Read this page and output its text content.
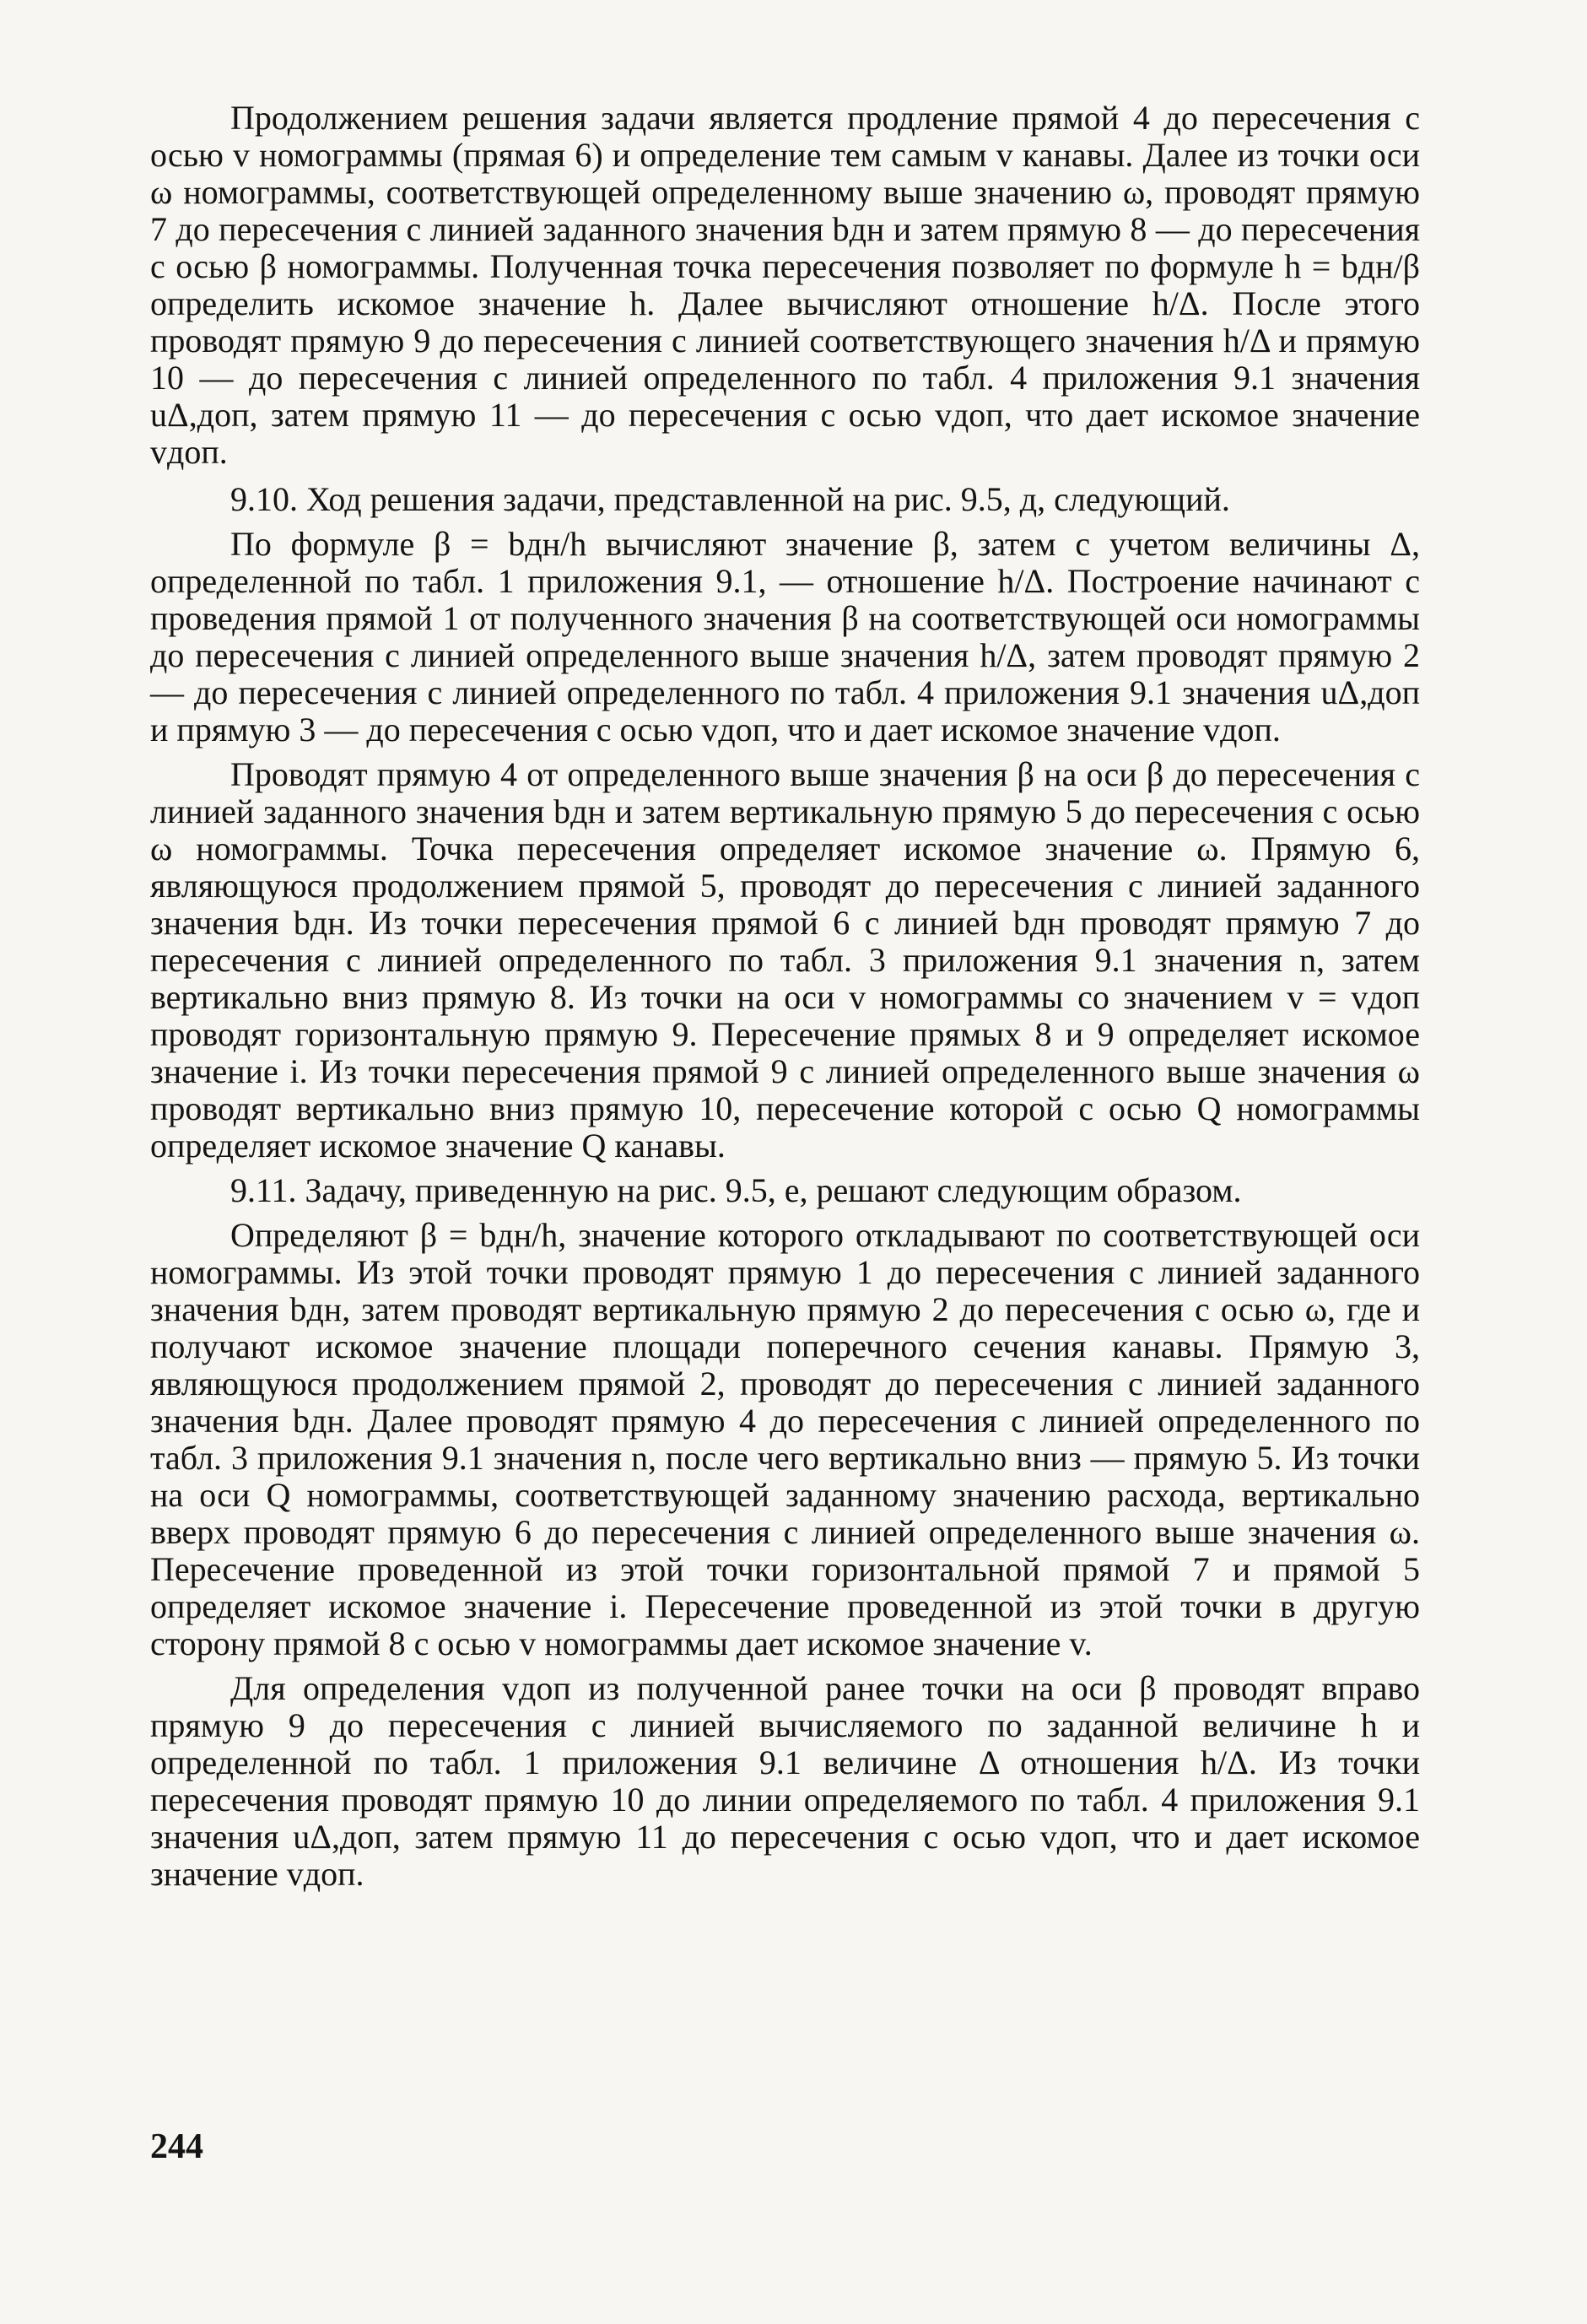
Продолжением решения задачи является продление прямой 4 до пересечения с осью v номограммы (прямая 6) и определение тем самым v канавы. Далее из точки оси ω номограммы, соответствующей определенному выше значению ω, проводят прямую 7 до пересечения с линией заданного значения bдн и затем прямую 8 — до пересечения с осью β номограммы. Полученная точка пересечения позволяет по формуле h = bдн/β определить искомое значение h. Далее вычисляют отношение h/Δ. После этого проводят прямую 9 до пересечения с линией соответствующего значения h/Δ и прямую 10 — до пересечения с линией определенного по табл. 4 приложения 9.1 значения uΔ,доп, затем прямую 11 — до пересечения с осью vдоп, что дает искомое значение vдоп.

9.10. Ход решения задачи, представленной на рис. 9.5, д, следующий.

По формуле β = bдн/h вычисляют значение β, затем с учетом величины Δ, определенной по табл. 1 приложения 9.1, — отношение h/Δ. Построение начинают с проведения прямой 1 от полученного значения β на соответствующей оси номограммы до пересечения с линией определенного выше значения h/Δ, затем проводят прямую 2 — до пересечения с линией определенного по табл. 4 приложения 9.1 значения uΔ,доп и прямую 3 — до пересечения с осью vдоп, что и дает искомое значение vдоп.

Проводят прямую 4 от определенного выше значения β на оси β до пересечения с линией заданного значения bдн и затем вертикальную прямую 5 до пересечения с осью ω номограммы. Точка пересечения определяет искомое значение ω. Прямую 6, являющуюся продолжением прямой 5, проводят до пересечения с линией заданного значения bдн. Из точки пересечения прямой 6 с линией bдн проводят прямую 7 до пересечения с линией определенного по табл. 3 приложения 9.1 значения n, затем вертикально вниз прямую 8. Из точки на оси v номограммы со значением v = vдоп проводят горизонтальную прямую 9. Пересечение прямых 8 и 9 определяет искомое значение i. Из точки пересечения прямой 9 с линией определенного выше значения ω проводят вертикально вниз прямую 10, пересечение которой с осью Q номограммы определяет искомое значение Q канавы.

9.11. Задачу, приведенную на рис. 9.5, е, решают следующим образом.

Определяют β = bдн/h, значение которого откладывают по соответствующей оси номограммы. Из этой точки проводят прямую 1 до пересечения с линией заданного значения bдн, затем проводят вертикальную прямую 2 до пересечения с осью ω, где и получают искомое значение площади поперечного сечения канавы. Прямую 3, являющуюся продолжением прямой 2, проводят до пересечения с линией заданного значения bдн. Далее проводят прямую 4 до пересечения с линией определенного по табл. 3 приложения 9.1 значения n, после чего вертикально вниз — прямую 5. Из точки на оси Q номограммы, соответствующей заданному значению расхода, вертикально вверх проводят прямую 6 до пересечения с линией определенного выше значения ω. Пересечение проведенной из этой точки горизонтальной прямой 7 и прямой 5 определяет искомое значение i. Пересечение проведенной из этой точки в другую сторону прямой 8 с осью v номограммы дает искомое значение v.

Для определения vдоп из полученной ранее точки на оси β проводят вправо прямую 9 до пересечения с линией вычисляемого по заданной величине h и определенной по табл. 1 приложения 9.1 величине Δ отношения h/Δ. Из точки пересечения проводят прямую 10 до линии определяемого по табл. 4 приложения 9.1 значения uΔ,доп, затем прямую 11 до пересечения с осью vдоп, что и дает искомое значение vдоп.

244
